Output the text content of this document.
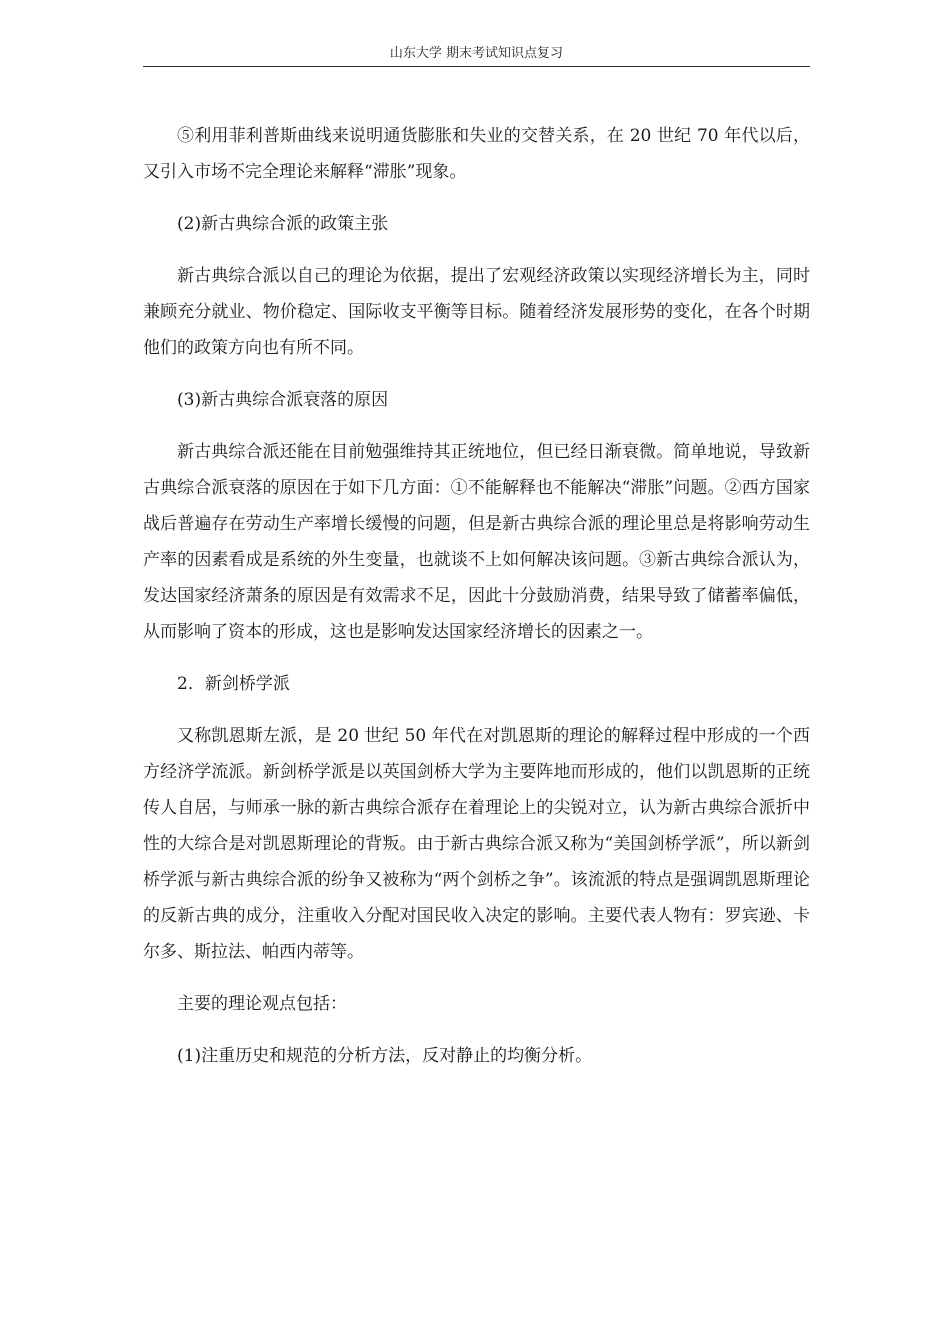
山东大学 期末考试知识点复习

⑤利用菲利普斯曲线来说明通货膨胀和失业的交替关系，在 20 世纪 70 年代以后，又引入市场不完全理论来解释“滞胀”现象。

(2)新古典综合派的政策主张

新古典综合派以自己的理论为依据，提出了宏观经济政策以实现经济增长为主，同时兼顾充分就业、物价稳定、国际收支平衡等目标。随着经济发展形势的变化，在各个时期他们的政策方向也有所不同。

(3)新古典综合派衰落的原因

新古典综合派还能在目前勉强维持其正统地位，但已经日渐衰微。简单地说，导致新古典综合派衰落的原因在于如下几方面：①不能解释也不能解决“滞胀”问题。②西方国家战后普遍存在劳动生产率增长缓慢的问题，但是新古典综合派的理论里总是将影响劳动生产率的因素看成是系统的外生变量，也就谈不上如何解决该问题。③新古典综合派认为，发达国家经济萧条的原因是有效需求不足，因此十分鼓励消费，结果导致了储蓄率偏低，从而影响了资本的形成，这也是影响发达国家经济增长的因素之一。

2．新剑桥学派

又称凯恩斯左派，是 20 世纪 50 年代在对凯恩斯的理论的解释过程中形成的一个西方经济学流派。新剑桥学派是以英国剑桥大学为主要阵地而形成的，他们以凯恩斯的正统传人自居，与师承一脉的新古典综合派存在着理论上的尖锐对立，认为新古典综合派折中性的大综合是对凯恩斯理论的背叛。由于新古典综合派又称为“美国剑桥学派”，所以新剑桥学派与新古典综合派的纷争又被称为“两个剑桥之争”。该流派的特点是强调凯恩斯理论的反新古典的成分，注重收入分配对国民收入决定的影响。主要代表人物有：罗宾逊、卡尔多、斯拉法、帕西内蒂等。

主要的理论观点包括：

(1)注重历史和规范的分析方法，反对静止的均衡分析。
